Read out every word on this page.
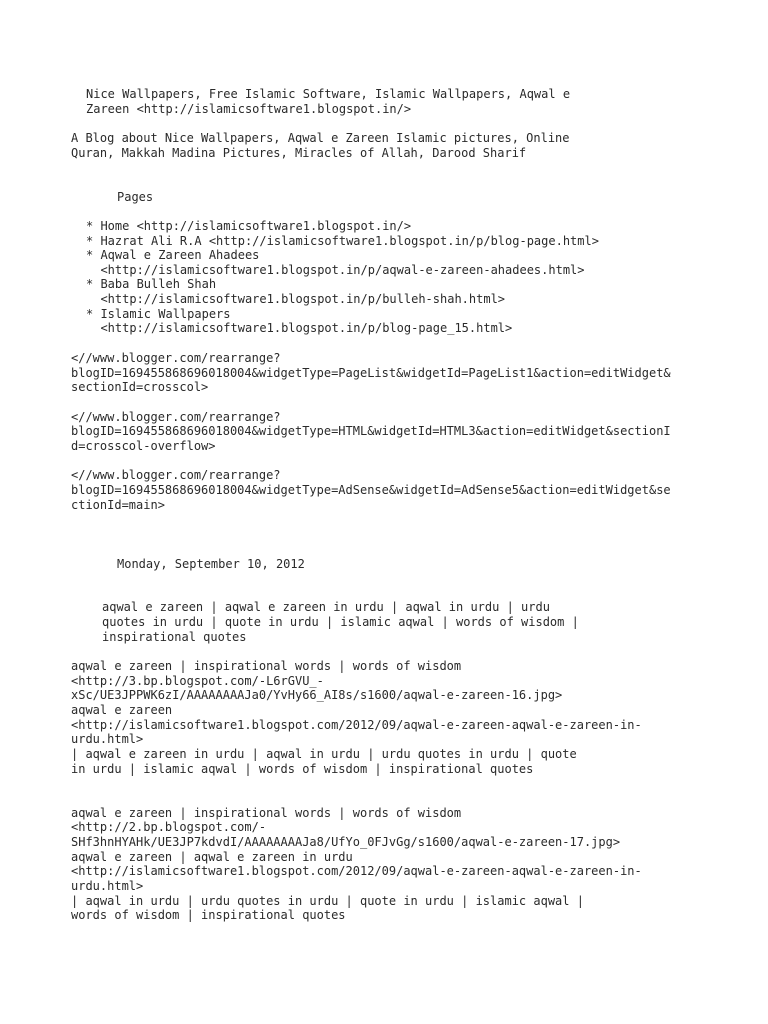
Nice Wallpapers, Free Islamic Software, Islamic Wallpapers, Aqwal e
Zareen <http://islamicsoftware1.blogspot.in/>
A Blog about Nice Wallpapers, Aqwal e Zareen Islamic pictures, Online
Quran, Makkah Madina Pictures, Miracles of Allah, Darood Sharif
Pages
* Home <http://islamicsoftware1.blogspot.in/>
* Hazrat Ali R.A <http://islamicsoftware1.blogspot.in/p/blog-page.html>
* Aqwal e Zareen Ahadees
<http://islamicsoftware1.blogspot.in/p/aqwal-e-zareen-ahadees.html>
* Baba Bulleh Shah
<http://islamicsoftware1.blogspot.in/p/bulleh-shah.html>
* Islamic Wallpapers
<http://islamicsoftware1.blogspot.in/p/blog-page_15.html>
<//www.blogger.com/rearrange?
blogID=1694558686960180​04&widgetType=PageList&widgetId=PageList1&action=editWidget&
sectionId=crosscol>
<//www.blogger.com/rearrange?
blogID=169455868696018004&widgetType=HTML&widgetId=HTML3&action=editWidget&sectionI
d=crosscol-overflow>
<//www.blogger.com/rearrange?
blogID=169455868696018004&widgetType=AdSense&widgetId=AdSense5&action=editWidget&se
ctionId=main>
Monday, September 10, 2012
aqwal e zareen | aqwal e zareen in urdu | aqwal in urdu | urdu
quotes in urdu | quote in urdu | islamic aqwal | words of wisdom |
inspirational quotes
aqwal e zareen | inspirational words | words of wisdom
<http://3.bp.blogspot.com/-L6rGVU_-
xSc/UE3JPPWK6zI/AAAAAAAAJa0/YvHy66_AI8s/s1600/aqwal-e-zareen-16.jpg>
aqwal e zareen
<http://islamicsoftware1.blogspot.com/2012/09/aqwal-e-zareen-aqwal-e-zareen-in-
urdu.html>
| aqwal e zareen in urdu | aqwal in urdu | urdu quotes in urdu | quote
in urdu | islamic aqwal | words of wisdom | inspirational quotes
aqwal e zareen | inspirational words | words of wisdom
<http://2.bp.blogspot.com/-
SHf3hnHYAHk/UE3JP7kdvdI/AAAAAAAAJa8/UfYo_0FJvGg/s1600/aqwal-e-zareen-17.jpg>
aqwal e zareen | aqwal e zareen in urdu
<http://islamicsoftware1.blogspot.com/2012/09/aqwal-e-zareen-aqwal-e-zareen-in-
urdu.html>
| aqwal in urdu | urdu quotes in urdu | quote in urdu | islamic aqwal |
words of wisdom | inspirational quotes
